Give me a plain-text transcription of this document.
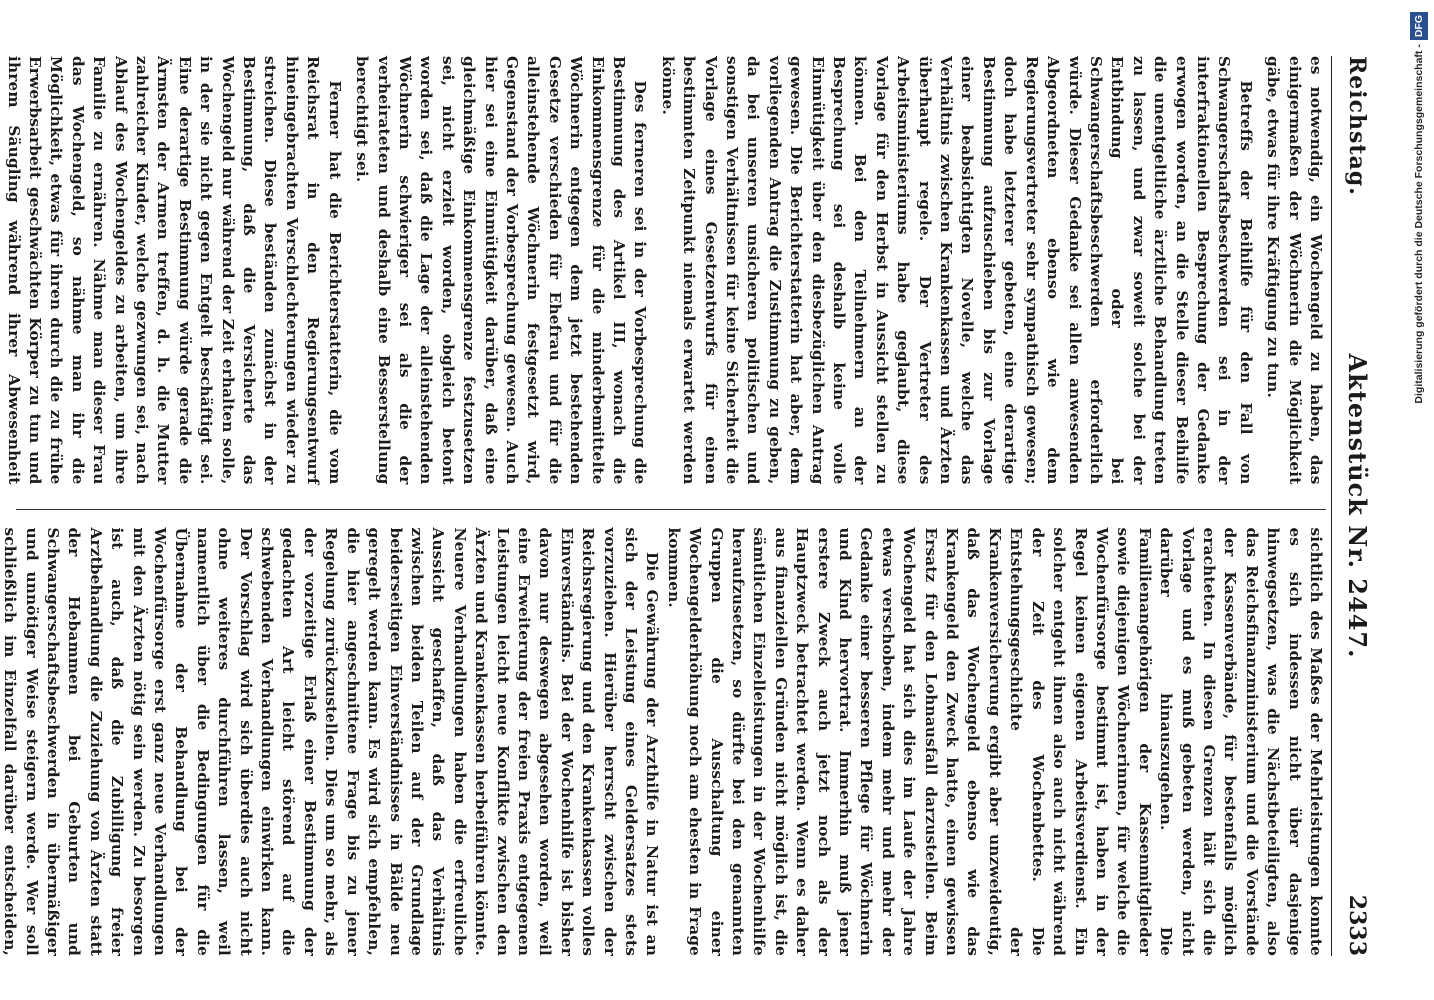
Reichstag.
Aktenstück Nr. 2447.
2333

es notwendig, ein Wochengeld zu haben, das einigermaßen der Wöchnerin die Möglichkeit gäbe, etwas für ihre Kräftigung zu tun.

Betreffs der Beihilfe für den Fall von Schwangerschaftsbeschwerden sei in der interfraktionellen Besprechung der Gedanke erwogen worden, an die Stelle dieser Beihilfe die unentgeltliche ärztliche Behandlung treten zu lassen, und zwar soweit solche bei der Entbindung oder bei Schwangerschaftsbeschwerden erforderlich würde. Dieser Gedanke sei allen anwesenden Abgeordneten ebenso wie dem Regierungsvertreter sehr sympathisch gewesen; doch habe letzterer gebeten, eine derartige Bestimmung aufzuschieben bis zur Vorlage einer beabsichtigten Novelle, welche das Verhältnis zwischen Krankenkassen und Ärzten überhaupt regele. Der Vertreter des Arbeitsministeriums habe geglaubt, diese Vorlage für den Herbst in Aussicht stellen zu können. Bei den Teilnehmern an der Besprechung sei deshalb keine volle Einmütigkeit über den diesbezüglichen Antrag gewesen. Die Berichterstatterin hat aber, dem vorliegenden Antrag die Zustimmung zu geben, da bei unseren unsicheren politischen und sonstigen Verhältnissen für keine Sicherheit die Vorlage eines Gesetzentwurfs für einen bestimmten Zeitpunkt niemals erwartet werden könne.

Des ferneren sei in der Vorbesprechung die Bestimmung des Artikel III, wonach die Einkommensgrenze für die minderbemittelte Wöchnerin entgegen dem jetzt bestehenden Gesetze verschieden für Ehefrau und für die alleinstehende Wöchnerin festgesetzt wird, Gegenstand der Vorbesprechung gewesen. Auch hier sei eine Einmütigkeit darüber, daß eine gleichmäßige Einkommensgrenze festzusetzen sei, nicht erzielt worden, obgleich betont worden sei, daß die Lage der alleinstehenden Wöchnerin schwieriger sei als die der verheirateten und deshalb eine Besserstellung berechtigt sei.

Ferner hat die Berichterstatterin, die vom Reichsrat in den Regierungsentwurf hineingebrachten Verschlechterungen wieder zu streichen. Diese beständen zunächst in der Bestimmung, daß die Versicherte das Wochengeld nur während der Zeit erhalten solle, in der sie nicht gegen Entgelt beschäftigt sei. Eine derartige Bestimmung würde gerade die Ärmsten der Armen treffen, d. h. die Mutter zahlreicher Kinder, welche gezwungen sei, nach Ablauf des Wochengeldes zu arbeiten, um ihre Familie zu ernähren. Nähme man dieser Frau das Wochengeld, so nähme man ihr die Möglichkeit, etwas für ihren durch die zu frühe Erwerbsarbeit geschwächten Körper zu tun und ihrem Säugling während ihrer Abwesenheit

sichtlich des Maßes der Mehrleistungen konnte es sich indessen nicht über dasjenige hinwegsetzen, was die Nächstbeteiligten, also das Reichsfinanzministerium und die Vorstände der Kassenverbände, für bestenfalls möglich erachteten. In diesen Grenzen hält sich die Vorlage und es muß gebeten werden, nicht darüber hinauszugehen. Die Familienangehörigen der Kassenmitglieder sowie diejenigen Wöchnerinnen, für welche die Wochenfürsorge bestimmt ist, haben in der Regel keinen eigenen Arbeitsverdienst. Ein solcher entgeht ihnen also auch nicht während der Zeit des Wochenbettes. Die Entstehungsgeschichte der Krankenversicherung ergibt aber unzweideutig, daß das Wochengeld ebenso wie das Krankengeld den Zweck hatte, einen gewissen Ersatz für den Lohnausfall darzustellen. Beim Wochengeld hat sich dies im Laufe der Jahre etwas verschoben, indem mehr und mehr der Gedanke einer besseren Pflege für Wöchnerin und Kind hervortrat. Immerhin muß jener erstere Zweck auch jetzt noch als der Hauptzweck betrachtet werden. Wenn es daher aus finanziellen Gründen nicht möglich ist, die sämtlichen Einzelleistungen in der Wochenhilfe heraufzusetzen, so dürfte bei den genannten Gruppen die Ausschaltung einer Wochengelderhöhung noch am ehesten in Frage kommen.

Die Gewährung der Arzthilfe in Natur ist an sich der Leistung eines Geldersatzes stets vorzuziehen. Hierüber herrscht zwischen der Reichsregierung und den Krankenkassen volles Einverständnis. Bei der Wochenhilfe ist bisher davon nur deswegen abgesehen worden, weil eine Erweiterung der freien Praxis entgegenen Leistungen leicht neue Konflikte zwischen den Ärzten und Krankenkassen herbeiführen könnte. Neuere Verhandlungen haben die erfreuliche Aussicht geschaffen, daß das Verhältnis zwischen beiden Teilen auf der Grundlage beiderseitigen Einverständnisses in Bälde neu geregelt werden kann. Es wird sich empfehlen, die hier angeschnittene Frage bis zu jener Regelung zurückzustellen. Dies um so mehr, als der vorzeitige Erlaß einer Bestimmung der gedachten Art leicht störend auf die schwebenden Verhandlungen einwirken kann. Der Vorschlag wird sich überdies auch nicht ohne weiteres durchführen lassen, weil namentlich über die Bedingungen für die Übernahme der Behandlung bei der Wochenfürsorge erst ganz neue Verhandlungen mit den Ärzten nötig sein werden. Zu besorgen ist auch, daß die Zubilligung freier Arztbehandlung die Zuziehung von Ärzten statt der Hebammen bei Geburten und Schwangerschaftsbeschwerden in übermäßiger und unnötiger Weise steigern werde. Wer soll schließlich im Einzelfall darüber entscheiden,

Digitalisierung gefördert durch die Deutsche Forschungsgemeinschaft -DFG
